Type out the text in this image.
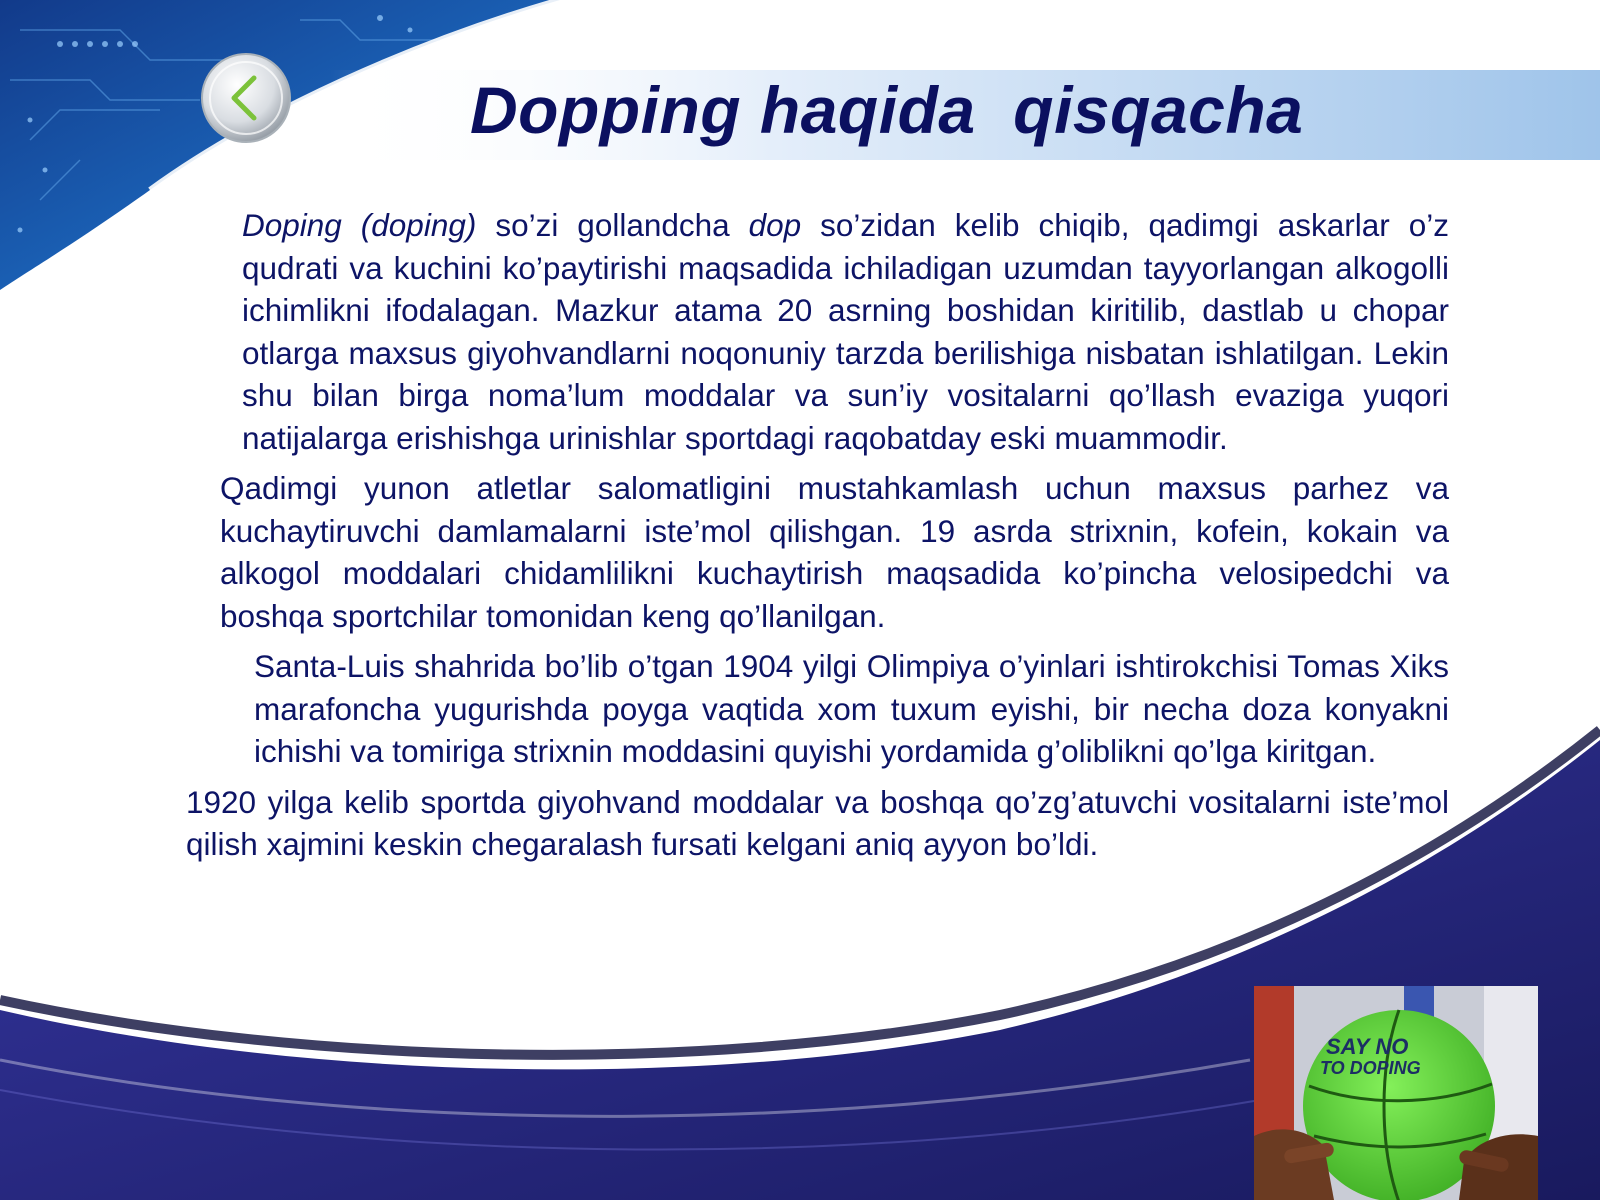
Dopping haqida  qisqacha

Doping (doping) so’zi gollandcha dop so’zidan kelib chiqib, qadimgi askarlar o’z qudrati va kuchini ko’paytirishi maqsadida ichiladigan uzumdan tayyorlangan alkogolli ichimlikni ifodalagan. Mazkur atama 20 asrning boshidan kiritilib, dastlab u chopar otlarga maxsus giyohvandlarni noqonuniy tarzda berilishiga nisbatan ishlatilgan. Lekin shu bilan birga noma’lum moddalar va sun’iy vositalarni qo’llash evaziga yuqori natijalarga erishishga urinishlar sportdagi raqobatday eski muammodir.

Qadimgi yunon atletlar salomatligini mustahkamlash uchun maxsus parhez va kuchaytiruvchi damlamalarni iste’mol qilishgan. 19 asrda strixnin, kofein, kokain va alkogol moddalari chidamlilikni kuchaytirish maqsadida ko’pincha velosipedchi va boshqa sportchilar tomonidan keng qo’llanilgan.

Santa-Luis shahrida bo’lib o’tgan 1904 yilgi Olimpiya o’yinlari ishtirokchisi Tomas Xiks marafoncha yugurishda poyga vaqtida xom tuxum eyishi, bir necha doza konyakni ichishi va tomiriga strixnin moddasini quyishi yordamida g’oliblikni qo’lga kiritgan.

1920 yilga kelib sportda giyohvand moddalar va boshqa qo’zg’atuvchi vositalarni iste’mol qilish xajmini keskin chegaralash fursati kelgani aniq ayyon bo’ldi.

SAY NO
TO DOPING
